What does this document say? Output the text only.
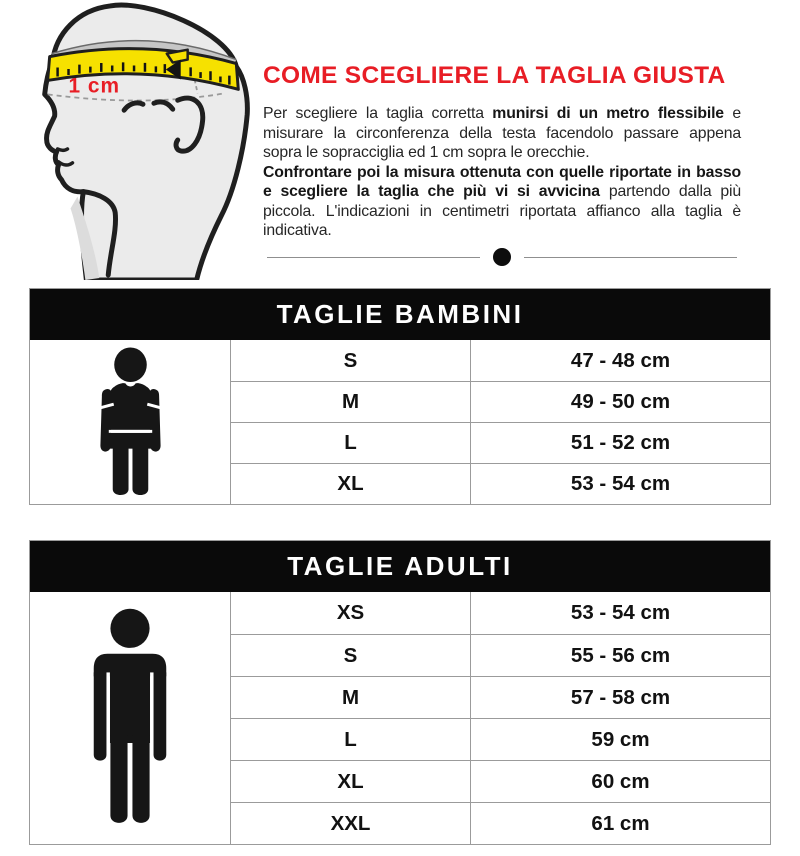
1 cm	COME SCEGLIERE LA TAGLIA GIUSTA

Per scegliere la taglia corretta munirsi di un metro flessibile e misurare la circonferenza della testa facendolo passare appena sopra le sopracciglia ed 1 cm sopra le orecchie.

Confrontare poi la misura ottenuta con quelle riportate in basso e scegliere la taglia che più vi si avvicina partendo dalla più piccola. L'indicazioni in centimetri riportata affianco alla taglia è indicativa.

TAGLIE BAMBINI
S	47 - 48 cm
M	49 - 50 cm
L	51 - 52 cm
XL	53 - 54 cm
TAGLIE ADULTI
XS	53 - 54 cm
S	55 - 56 cm
M	57 - 58 cm
L	59 cm
XL	60 cm
XXL	61 cm
